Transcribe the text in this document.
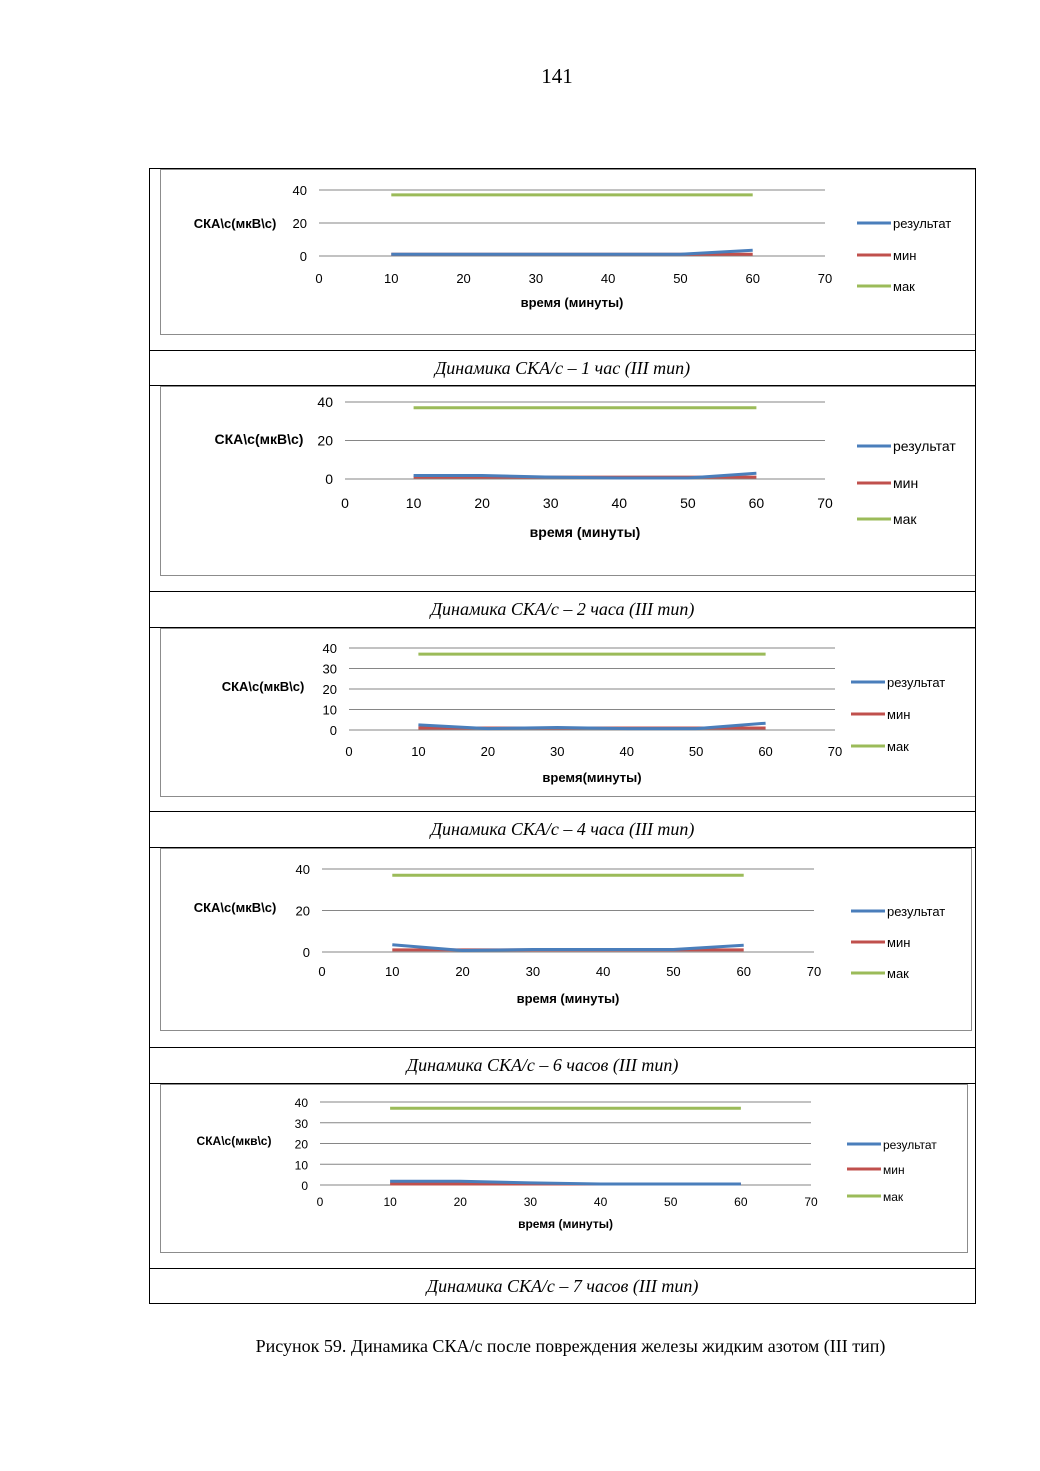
141
0
20
40
0	10	20	30	40	50	60	70
СКА\с(мкВ\с)
время (минуты)
результат
мин
мак
Динамика СКА/с – 1 час (III тип)
0
20
40
0	10	20	30	40	50	60	70
СКА\с(мкВ\с)
время (минуты)
результат
мин
мак
Динамика СКА/с – 2 часа (III тип)
0
10
20
30
40
0	10	20	30	40	50	60	70
СКА\с(мкВ\с)
время(минуты)
результат
мин
мак
Динамика СКА/с – 4 часа (III тип)
0
20
40
0	10	20	30	40	50	60	70
СКА\с(мкВ\с)
время (минуты)
результат
мин
мак
Динамика СКА/с – 6 часов (III тип)
0
10
20
30
40
0	10	20	30	40	50	60	70
СКА\с(мкв\с)
время (минуты)
результат
мин
мак
Динамика СКА/с – 7 часов (III тип)
Рисунок 59. Динамика СКА/с после повреждения железы жидким азотом (III тип)
